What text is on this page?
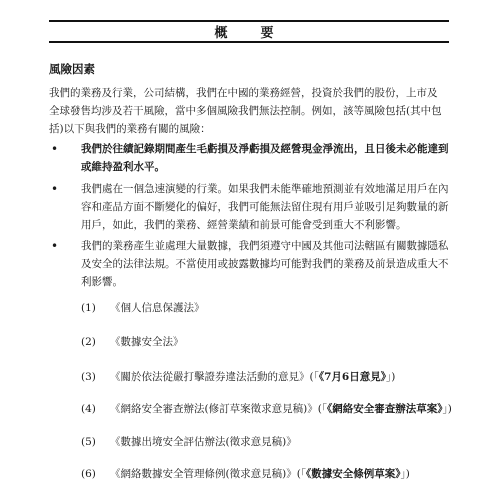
概　要
風險因素
我們的業務及行業，公司結構，我們在中國的業務經營，投資於我們的股份，上市及
全球發售均涉及若干風險，當中多個風險我們無法控制。例如，該等風險包括(其中包
括)以下與我們的業務有關的風險：
• 我們於往績記錄期間產生毛虧損及淨虧損及經營現金淨流出，且日後未必能達到
或維持盈利水平。
• 我們處在一個急速演變的行業。如果我們未能準確地預測並有效地滿足用戶在內
容和產品方面不斷變化的偏好，我們可能無法留住現有用戶並吸引足夠數量的新
用戶，如此，我們的業務、經營業績和前景可能會受到重大不利影響。
• 我們的業務產生並處理大量數據，我們須遵守中國及其他司法轄區有關數據隱私
及安全的法律法規。不當使用或披露數據均可能對我們的業務及前景造成重大不
利影響。
(1) 《個人信息保護法》
(2) 《數據安全法》
(3) 《關於依法從嚴打擊證券違法活動的意見》(「《7月6日意見》」)
(4) 《網絡安全審查辦法(修訂草案徵求意見稿)》(「《網絡安全審查辦法草案》」)
(5) 《數據出境安全評估辦法(徵求意見稿)》
(6) 《網絡數據安全管理條例(徵求意見稿)》(「《數據安全條例草案》」)
